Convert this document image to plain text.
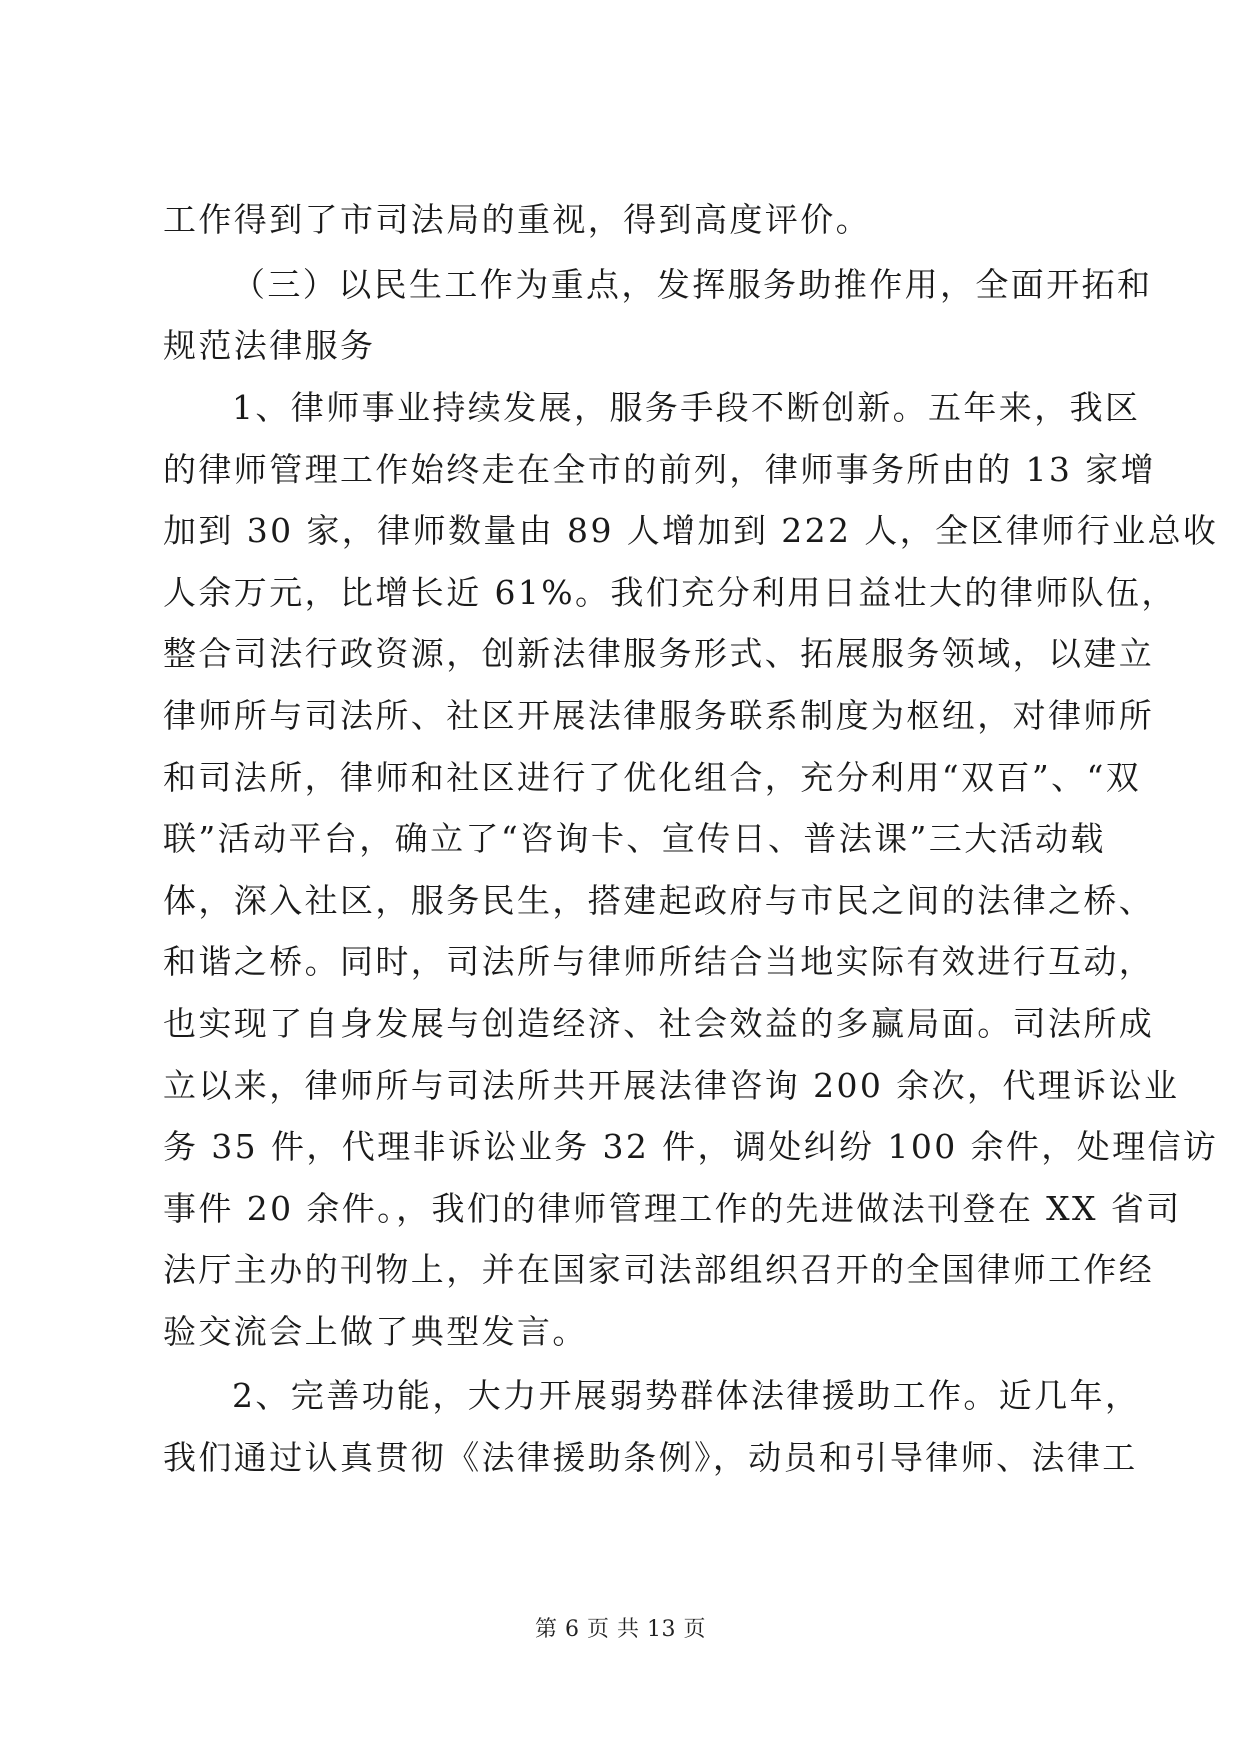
工作得到了市司法局的重视，得到高度评价。
（三）以民生工作为重点，发挥服务助推作用，全面开拓和
规范法律服务
1、律师事业持续发展，服务手段不断创新。五年来，我区
的律师管理工作始终走在全市的前列，律师事务所由的 13 家增
加到 30 家，律师数量由 89 人增加到 222 人，全区律师行业总收
人余万元，比增长近 61%。我们充分利用日益壮大的律师队伍，
整合司法行政资源，创新法律服务形式、拓展服务领域，以建立
律师所与司法所、社区开展法律服务联系制度为枢纽，对律师所
和司法所，律师和社区进行了优化组合，充分利用“双百”、“双
联”活动平台，确立了“咨询卡、宣传日、普法课”三大活动载
体，深入社区，服务民生，搭建起政府与市民之间的法律之桥、
和谐之桥。同时，司法所与律师所结合当地实际有效进行互动，
也实现了自身发展与创造经济、社会效益的多赢局面。司法所成
立以来，律师所与司法所共开展法律咨询 200 余次，代理诉讼业
务 35 件，代理非诉讼业务 32 件，调处纠纷 100 余件，处理信访
事件 20 余件。，我们的律师管理工作的先进做法刊登在 XX 省司
法厅主办的刊物上，并在国家司法部组织召开的全国律师工作经
验交流会上做了典型发言。
2、完善功能，大力开展弱势群体法律援助工作。近几年，
我们通过认真贯彻《法律援助条例》，动员和引导律师、法律工
第 6 页 共 13 页
